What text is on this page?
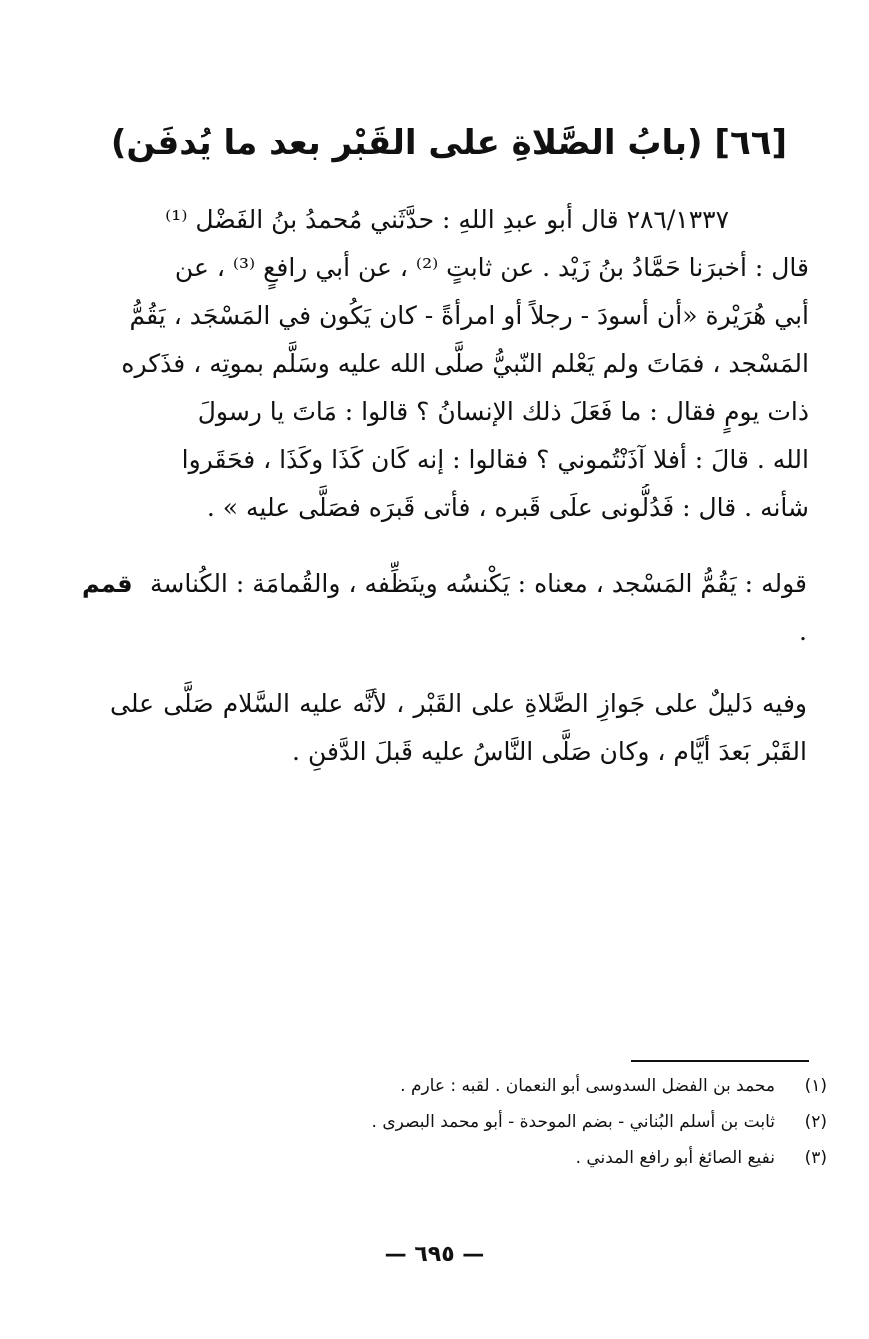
[٦٦] (بابُ الصَّلاةِ على القَبْر بعد ما يُدفَن)
٢٨٦/١٣٣٧ قال أبو عبدِ اللهِ : حدَّثَني مُحمدُ بنُ الفَضْل ⁽¹⁾
قال : أخبرَنا حَمَّادُ بنُ زَيْد . عن ثابتٍ ⁽²⁾ ، عن أبي رافعٍ ⁽³⁾ ، عن
أبي هُرَيْرة «أن أسودَ - رجلاً أو امرأةً - كان يَكُون في المَسْجَد ، يَقُمُّ
المَسْجد ، فمَاتَ ولم يَعْلم النّبيُّ صلَّى الله عليه وسَلَّم بموتِه ، فذَكره
ذات يومٍ فقال : ما فَعَلَ ذلك الإنسانُ ؟ قالوا : مَاتَ يا رسولَ
الله . قالَ : أفلا آذَنْتُموني ؟ فقالوا : إنه كَان كَذَا وكَذَا ، فحَقَروا
شأنه . قال : فَدُلُّونى علَى قَبره ، فأتى قَبرَه فصَلَّى عليه » .
قمم قوله : يَقُمُّ المَسْجد ، معناه : يَكْنسُه وينَظِّفه ، والقُمامَة : الكُناسة .
وفيه دَليلٌ على جَوازِ الصَّلاةِ على القَبْر ، لأنَّه عليه السَّلام صَلَّى على القَبْر بَعدَ أيَّام ، وكان صَلَّى النَّاسُ عليه قَبلَ الدَّفنِ .
(١)
محمد بن الفضل السدوسى أبو النعمان . لقبه : عارم .
(٢)
ثابت بن أسلم البُناني - بضم الموحدة - أبو محمد البصرى .
(٣)
نفيع الصائغ أبو رافع المدني .
— ٦٩٥ —
